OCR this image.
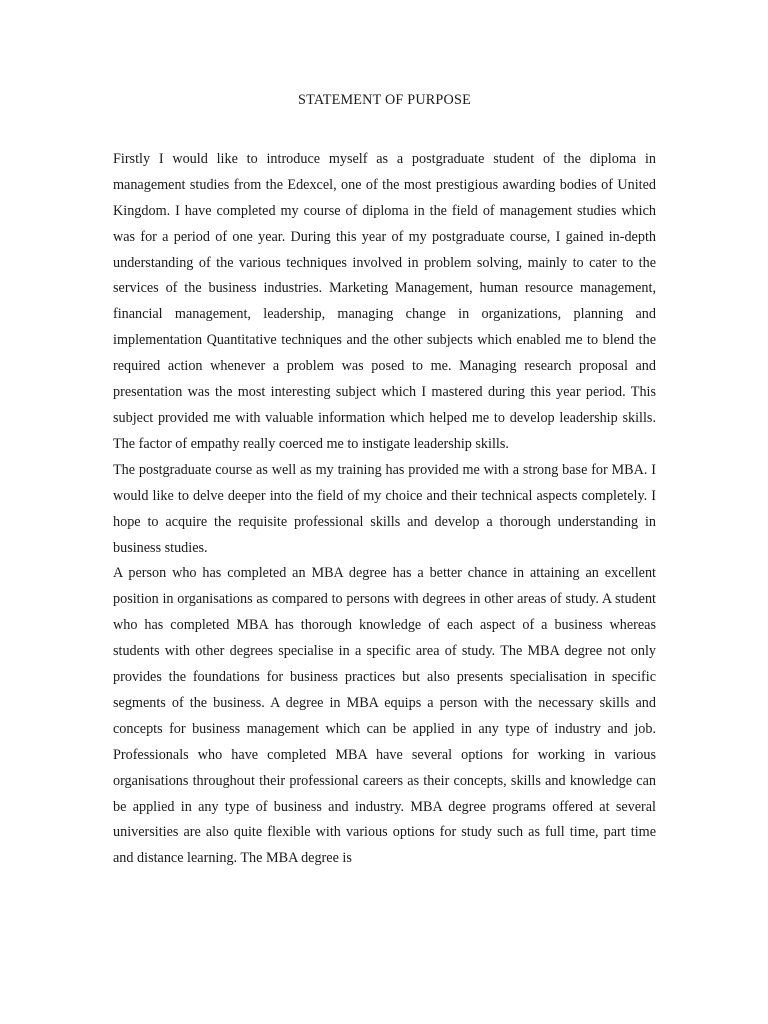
STATEMENT OF PURPOSE

Firstly I would like to introduce myself as a postgraduate student of the diploma in management studies from the Edexcel, one of the most prestigious awarding bodies of United Kingdom. I have completed my course of diploma in the field of management studies which was for a period of one year. During this year of my postgraduate course, I gained in-depth understanding of the various techniques involved in problem solving, mainly to cater to the services of the business industries. Marketing Management, human resource management, financial management, leadership, managing change in organizations, planning and implementation Quantitative techniques and the other subjects which enabled me to blend the required action whenever a problem was posed to me. Managing research proposal and presentation was the most interesting subject which I mastered during this year period. This subject provided me with valuable information which helped me to develop leadership skills. The factor of empathy really coerced me to instigate leadership skills.

The postgraduate course as well as my training has provided me with a strong base for MBA. I would like to delve deeper into the field of my choice and their technical aspects completely. I hope to acquire the requisite professional skills and develop a thorough understanding in business studies.

A person who has completed an MBA degree has a better chance in attaining an excellent position in organisations as compared to persons with degrees in other areas of study. A student who has completed MBA has thorough knowledge of each aspect of a business whereas students with other degrees specialise in a specific area of study. The MBA degree not only provides the foundations for business practices but also presents specialisation in specific segments of the business. A degree in MBA equips a person with the necessary skills and concepts for business management which can be applied in any type of industry and job. Professionals who have completed MBA have several options for working in various organisations throughout their professional careers as their concepts, skills and knowledge can be applied in any type of business and industry. MBA degree programs offered at several universities are also quite flexible with various options for study such as full time, part time and distance learning. The MBA degree is
